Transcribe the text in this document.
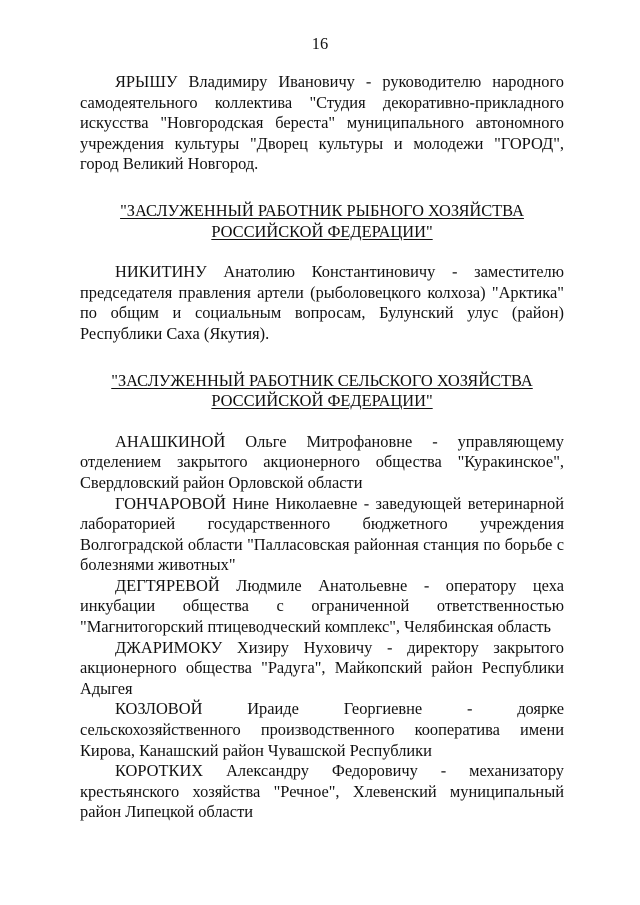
16

ЯРЫШУ Владимиру Ивановичу - руководителю народного самодеятельного коллектива "Студия декоративно-прикладного искусства "Новгородская береста" муниципального автономного учреждения культуры "Дворец культуры и молодежи "ГОРОД", город Великий Новгород.

"ЗАСЛУЖЕННЫЙ РАБОТНИК РЫБНОГО ХОЗЯЙСТВА
РОССИЙСКОЙ ФЕДЕРАЦИИ"

НИКИТИНУ Анатолию Константиновичу - заместителю председателя правления артели (рыболовецкого колхоза) "Арктика" по общим и социальным вопросам, Булунский улус (район) Республики Саха (Якутия).

"ЗАСЛУЖЕННЫЙ РАБОТНИК СЕЛЬСКОГО ХОЗЯЙСТВА
РОССИЙСКОЙ ФЕДЕРАЦИИ"

АНАШКИНОЙ Ольге Митрофановне - управляющему отделением закрытого акционерного общества "Куракинское", Свердловский район Орловской области

ГОНЧАРОВОЙ Нине Николаевне - заведующей ветеринарной лабораторией государственного бюджетного учреждения Волгоградской области "Палласовская районная станция по борьбе с болезнями животных"

ДЕГТЯРЕВОЙ Людмиле Анатольевне - оператору цеха инкубации общества с ограниченной ответственностью "Магнитогорский птицеводческий комплекс", Челябинская область

ДЖАРИМОКУ Хизиру Нуховичу - директору закрытого акционерного общества "Радуга", Майкопский район Республики Адыгея

КОЗЛОВОЙ Ираиде Георгиевне - доярке сельскохозяйственного производственного кооператива имени Кирова, Канашский район Чувашской Республики

КОРОТКИХ Александру Федоровичу - механизатору крестьянского хозяйства "Речное", Хлевенский муниципальный район Липецкой области
